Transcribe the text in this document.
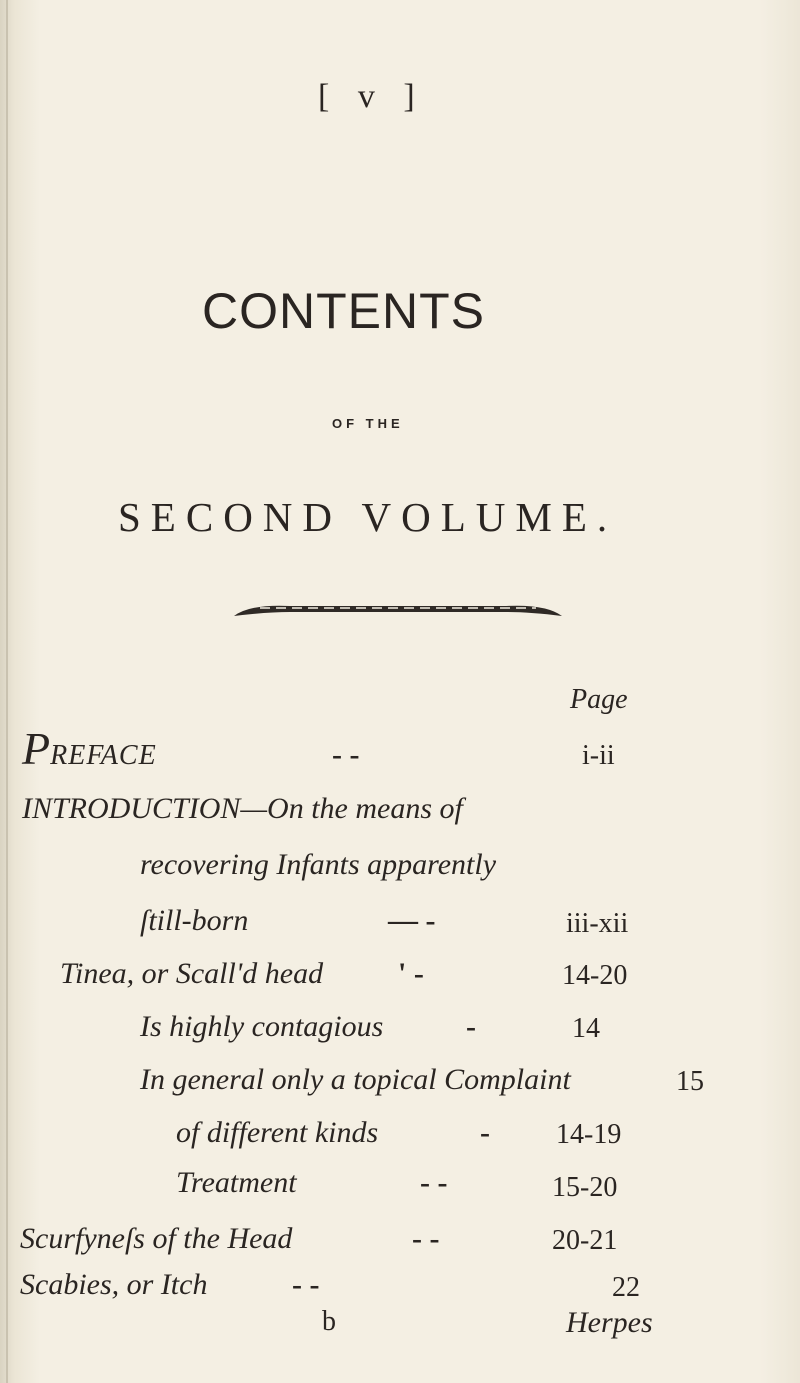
[ v ]
CONTENTS
OF THE
SECOND VOLUME.
Page
PREFACE	- -	i-ii
INTRODUCTION—On the means of
recovering Infants apparently
ſtill-born	— -	iii-xii
Tinea, or Scall'd head ' -	14-20
Is highly contagious	-	14
In general only a topical Complaint	15
of different kinds	- 14-19
Treatment	- -	15-20
Scurfyneſs of the Head	- -	20-21
Scabies, or Itch	- -	22
b	Herpes
